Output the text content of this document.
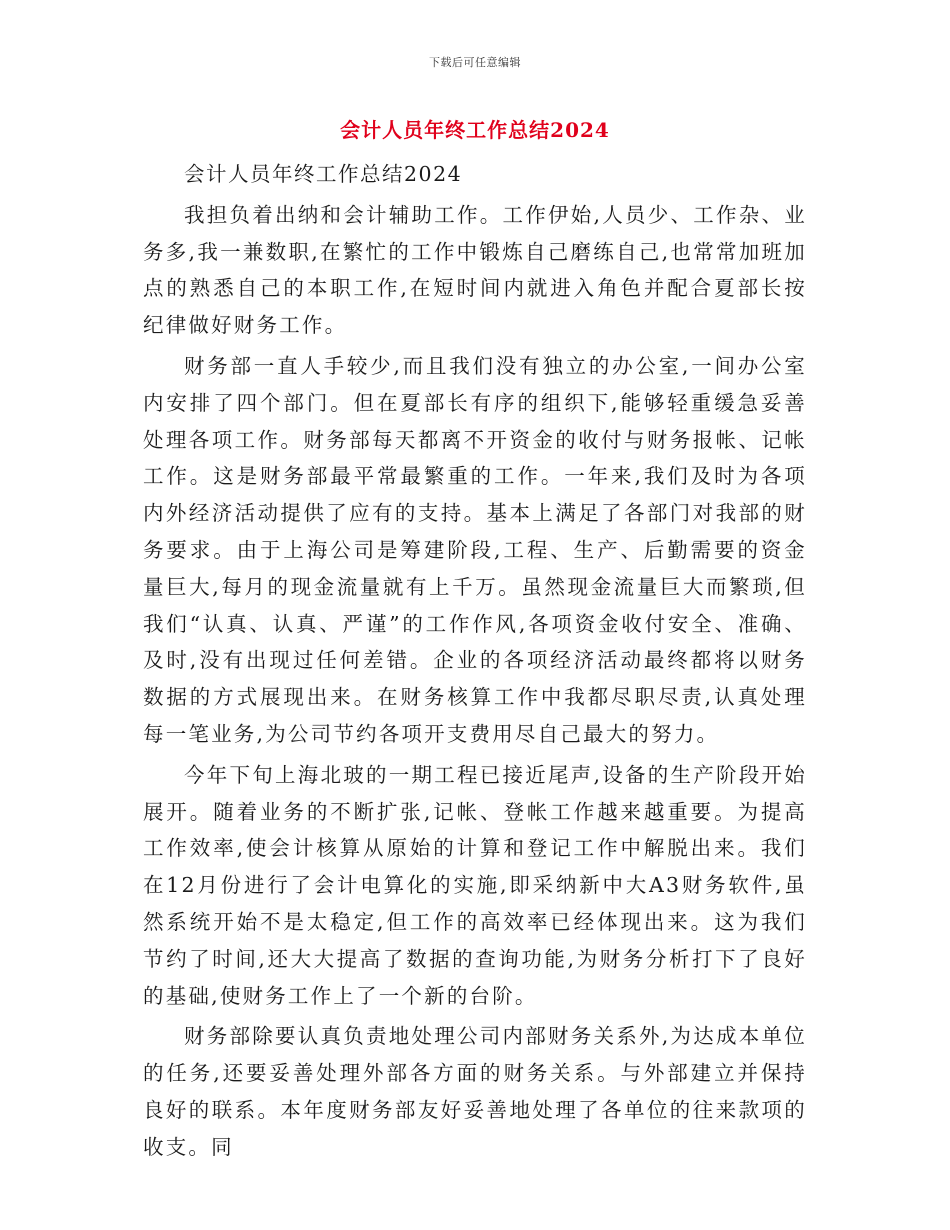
下载后可任意编辑
会计人员年终工作总结2024

会计人员年终工作总结2024

我担负着出纳和会计辅助工作。工作伊始,人员少、工作杂、业务多,我一兼数职,在繁忙的工作中锻炼自己磨练自己,也常常加班加点的熟悉自己的本职工作,在短时间内就进入角色并配合夏部长按纪律做好财务工作。

财务部一直人手较少,而且我们没有独立的办公室,一间办公室内安排了四个部门。但在夏部长有序的组织下,能够轻重缓急妥善处理各项工作。财务部每天都离不开资金的收付与财务报帐、记帐工作。这是财务部最平常最繁重的工作。一年来,我们及时为各项内外经济活动提供了应有的支持。基本上满足了各部门对我部的财务要求。由于上海公司是筹建阶段,工程、生产、后勤需要的资金量巨大,每月的现金流量就有上千万。虽然现金流量巨大而繁琐,但我们“认真、认真、严谨”的工作作风,各项资金收付安全、准确、及时,没有出现过任何差错。企业的各项经济活动最终都将以财务数据的方式展现出来。在财务核算工作中我都尽职尽责,认真处理每一笔业务,为公司节约各项开支费用尽自己最大的努力。

今年下旬上海北玻的一期工程已接近尾声,设备的生产阶段开始展开。随着业务的不断扩张,记帐、登帐工作越来越重要。为提高工作效率,使会计核算从原始的计算和登记工作中解脱出来。我们在12月份进行了会计电算化的实施,即采纳新中大A3财务软件,虽然系统开始不是太稳定,但工作的高效率已经体现出来。这为我们节约了时间,还大大提高了数据的查询功能,为财务分析打下了良好的基础,使财务工作上了一个新的台阶。

财务部除要认真负责地处理公司内部财务关系外,为达成本单位的任务,还要妥善处理外部各方面的财务关系。与外部建立并保持良好的联系。本年度财务部友好妥善地处理了各单位的往来款项的收支。同
